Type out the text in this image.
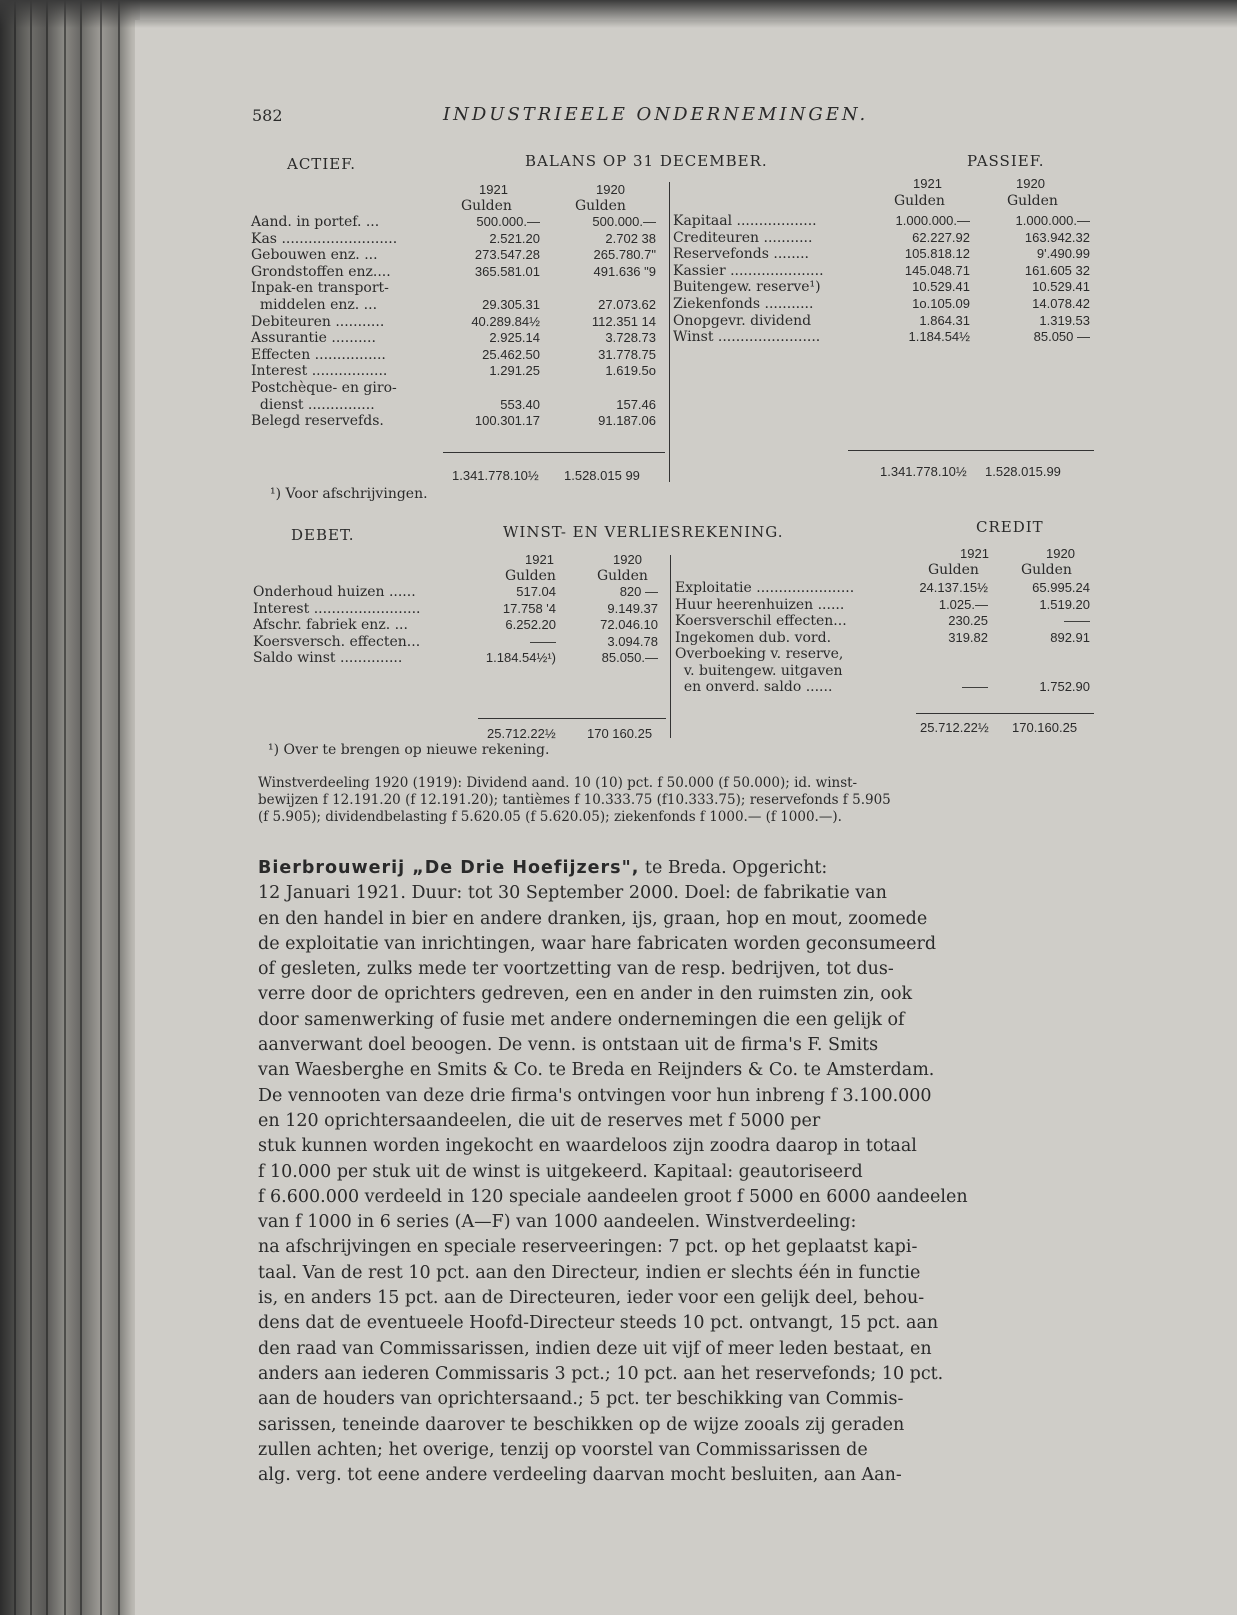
582	INDUSTRIEELE ONDERNEMINGEN.
ACTIEF.	BALANS OP 31 DECEMBER.	PASSIEF.
1921	1920
Gulden	Gulden
1921	1920
Gulden	Gulden
Aand. in portef. ...	500.000.—	500.000.—
Kas ..........................	2.521.20	2.702 38
Gebouwen enz. ...	273.547.28	265.780.7"
Grondstoffen enz....	365.581.01	491.636 "9
Inpak-en transport-
middelen enz. ...	29.305.31	27.073.62
Debiteuren ...........	40.289.84½	112.351 14
Assurantie ..........	2.925.14	3.728.73
Effecten ................	25.462.50	31.778.75
Interest .................	1.291.25	1.619.5o
Postchèque- en giro-
dienst ...............	553.40	157.46
Belegd reservefds.	100.301.17	91.187.06
Kapitaal ..................	1.000.000.—	1.000.000.—
Crediteuren ...........	62.227.92	163.942.32
Reservefonds ........	105.818.12	9'.490.99
Kassier .....................	145.048.71	161.605 32
Buitengew. reserve¹)	10.529.41	10.529.41
Ziekenfonds ...........	1o.105.09	14.078.42
Onopgevr. dividend	1.864.31	1.319.53
Winst .......................	1.184.54½	85.050 —
1.341.778.10½ 1.528.015 99	1.341.778.10½ 1.528.015.99
¹) Voor afschrijvingen.
DEBET.	WINST- EN VERLIESREKENING.	CREDIT
1921	1920
Gulden	Gulden
1921	1920
Gulden	Gulden
Onderhoud huizen ......	517.04	820 —
Interest ........................	17.758 '4	9.149.37
Afschr. fabriek enz. ...	6.252.20	72.046.10
Koersversch. effecten...	——	3.094.78
Saldo winst ..............	1.184.54½¹)	85.050.—
Exploitatie ......................	24.137.15½	65.995.24
Huur heerenhuizen ......	1.025.—	1.519.20
Koersverschil effecten...	230.25	——
Ingekomen dub. vord.	319.82	892.91
Overboeking v. reserve,
v. buitengew. uitgaven
en onverd. saldo ......	——	1.752.90
25.712.22½ 170 160.25	25.712.22½ 170.160.25
¹) Over te brengen op nieuwe rekening.
Winstverdeeling 1920 (1919): Dividend aand. 10 (10) pct. f 50.000 (f 50.000); id. winst-
bewijzen f 12.191.20 (f 12.191.20); tantièmes f 10.333.75 (f10.333.75); reservefonds f 5.905
(f 5.905); dividendbelasting f 5.620.05 (f 5.620.05); ziekenfonds f 1000.— (f 1000.—).
Bierbrouwerij „De Drie Hoefijzers", te Breda. Opgericht:
12 Januari 1921. Duur: tot 30 September 2000. Doel: de fabrikatie van
en den handel in bier en andere dranken, ijs, graan, hop en mout, zoomede
de exploitatie van inrichtingen, waar hare fabricaten worden geconsumeerd
of gesleten, zulks mede ter voortzetting van de resp. bedrijven, tot dus-
verre door de oprichters gedreven, een en ander in den ruimsten zin, ook
door samenwerking of fusie met andere ondernemingen die een gelijk of
aanverwant doel beoogen. De venn. is ontstaan uit de firma's F. Smits
van Waesberghe en Smits & Co. te Breda en Reijnders & Co. te Amsterdam.
De vennooten van deze drie firma's ontvingen voor hun inbreng f 3.100.000
en 120 oprichtersaandeelen, die uit de reserves met f 5000 per
stuk kunnen worden ingekocht en waardeloos zijn zoodra daarop in totaal
f 10.000 per stuk uit de winst is uitgekeerd. Kapitaal: geautoriseerd
f 6.600.000 verdeeld in 120 speciale aandeelen groot f 5000 en 6000 aandeelen
van f 1000 in 6 series (A—F) van 1000 aandeelen. Winstverdeeling:
na afschrijvingen en speciale reserveeringen: 7 pct. op het geplaatst kapi-
taal. Van de rest 10 pct. aan den Directeur, indien er slechts één in functie
is, en anders 15 pct. aan de Directeuren, ieder voor een gelijk deel, behou-
dens dat de eventueele Hoofd-Directeur steeds 10 pct. ontvangt, 15 pct. aan
den raad van Commissarissen, indien deze uit vijf of meer leden bestaat, en
anders aan iederen Commissaris 3 pct.; 10 pct. aan het reservefonds; 10 pct.
aan de houders van oprichtersaand.; 5 pct. ter beschikking van Commis-
sarissen, teneinde daarover te beschikken op de wijze zooals zij geraden
zullen achten; het overige, tenzij op voorstel van Commissarissen de
alg. verg. tot eene andere verdeeling daarvan mocht besluiten, aan Aan-
